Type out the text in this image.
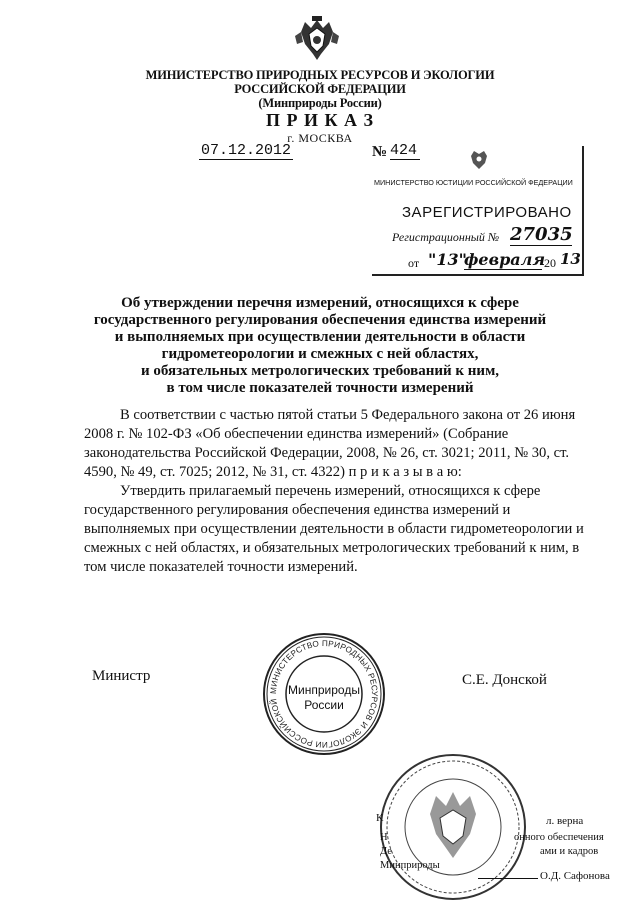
МИНИСТЕРСТВО ПРИРОДНЫХ РЕСУРСОВ И ЭКОЛОГИИ
РОССИЙСКОЙ ФЕДЕРАЦИИ
(Минприроды России)
П Р И К А З
г. МОСКВА
07.12.2012	№ 424
МИНИСТЕРСТВО ЮСТИЦИИ РОССИЙСКОЙ ФЕДЕРАЦИИ
ЗАРЕГИСТРИРОВАНО
Регистрационный № 27035
от "13"
февраля
20 13
Об утверждении перечня измерений, относящихся к сфере
государственного регулирования обеспечения единства измерений
и выполняемых при осуществлении деятельности в области
гидрометеорологии и смежных с ней областях,
и обязательных метрологических требований к ним,
в том числе показателей точности измерений
В соответствии с частью пятой статьи 5 Федерального закона от 26 июня
2008 г. № 102-ФЗ «Об обеспечении единства измерений» (Собрание
законодательства Российской Федерации, 2008, № 26, ст. 3021; 2011, № 30, ст.
4590, № 49, ст. 7025; 2012, № 31, ст. 4322) п р и к а з ы в а ю:
Утвердить прилагаемый перечень измерений, относящихся к сфере
государственного регулирования обеспечения единства измерений и
выполняемых при осуществлении деятельности в области гидрометеорологии и
смежных с ней областях, и обязательных метрологических требований к ним, в
том числе показателей точности измерений.
Министр	С.Е. Донской
МИНИСТЕРСТВО ПРИРОДНЫХ РЕСУРСОВ И ЭКОЛОГИИ РОССИЙСКОЙ
Минприроды
России
К	л. верна
Н	онного обеспечения
Де	ами и кадров
Минприроды
О.Д. Сафонова
